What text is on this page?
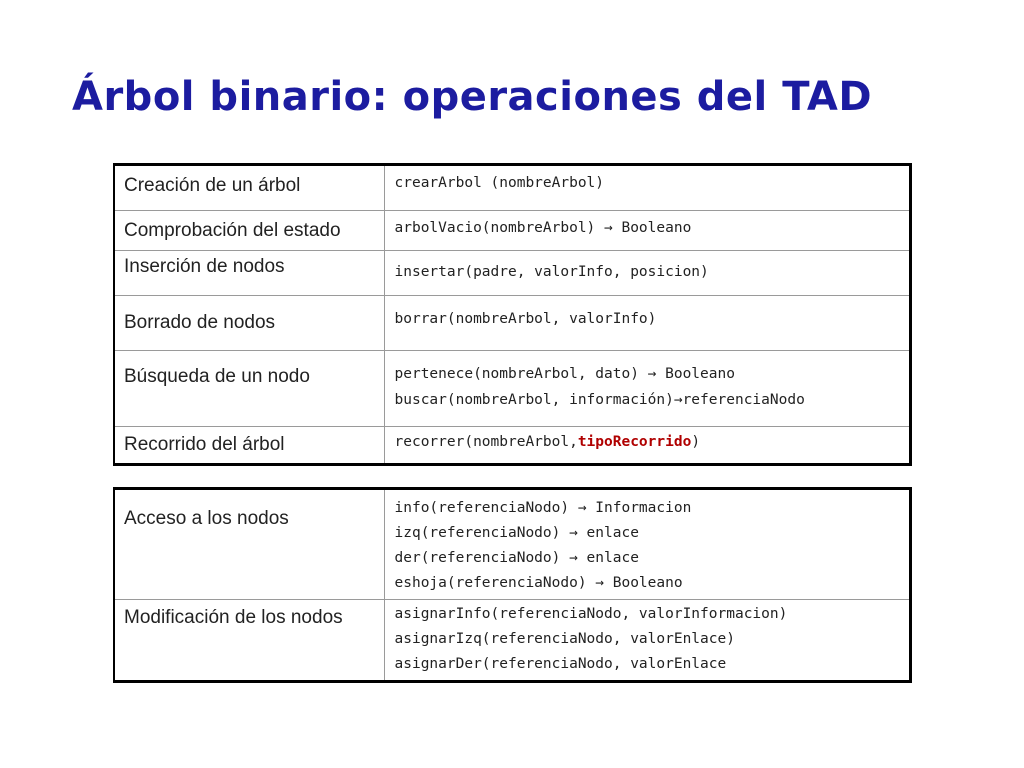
Árbol binario: operaciones del TAD
Creación de un árbol	crearArbol (nombreArbol)

Comprobación del estado	arbolVacio(nombreArbol) → Booleano

Inserción de nodos	insertar(padre, valorInfo, posicion)

Borrado de nodos	borrar(nombreArbol, valorInfo)

Búsqueda de un nodo	pertenece(nombreArbol, dato) → Booleano
buscar(nombreArbol, información)→referenciaNodo

Recorrido del árbol	recorrer(nombreArbol,tipoRecorrido)
Acceso a los nodos	info(referenciaNodo) → Informacion
izq(referenciaNodo) → enlace
der(referenciaNodo) → enlace
eshoja(referenciaNodo) → Booleano

Modificación de los nodos	asignarInfo(referenciaNodo, valorInformacion)
asignarIzq(referenciaNodo, valorEnlace)
asignarDer(referenciaNodo, valorEnlace
